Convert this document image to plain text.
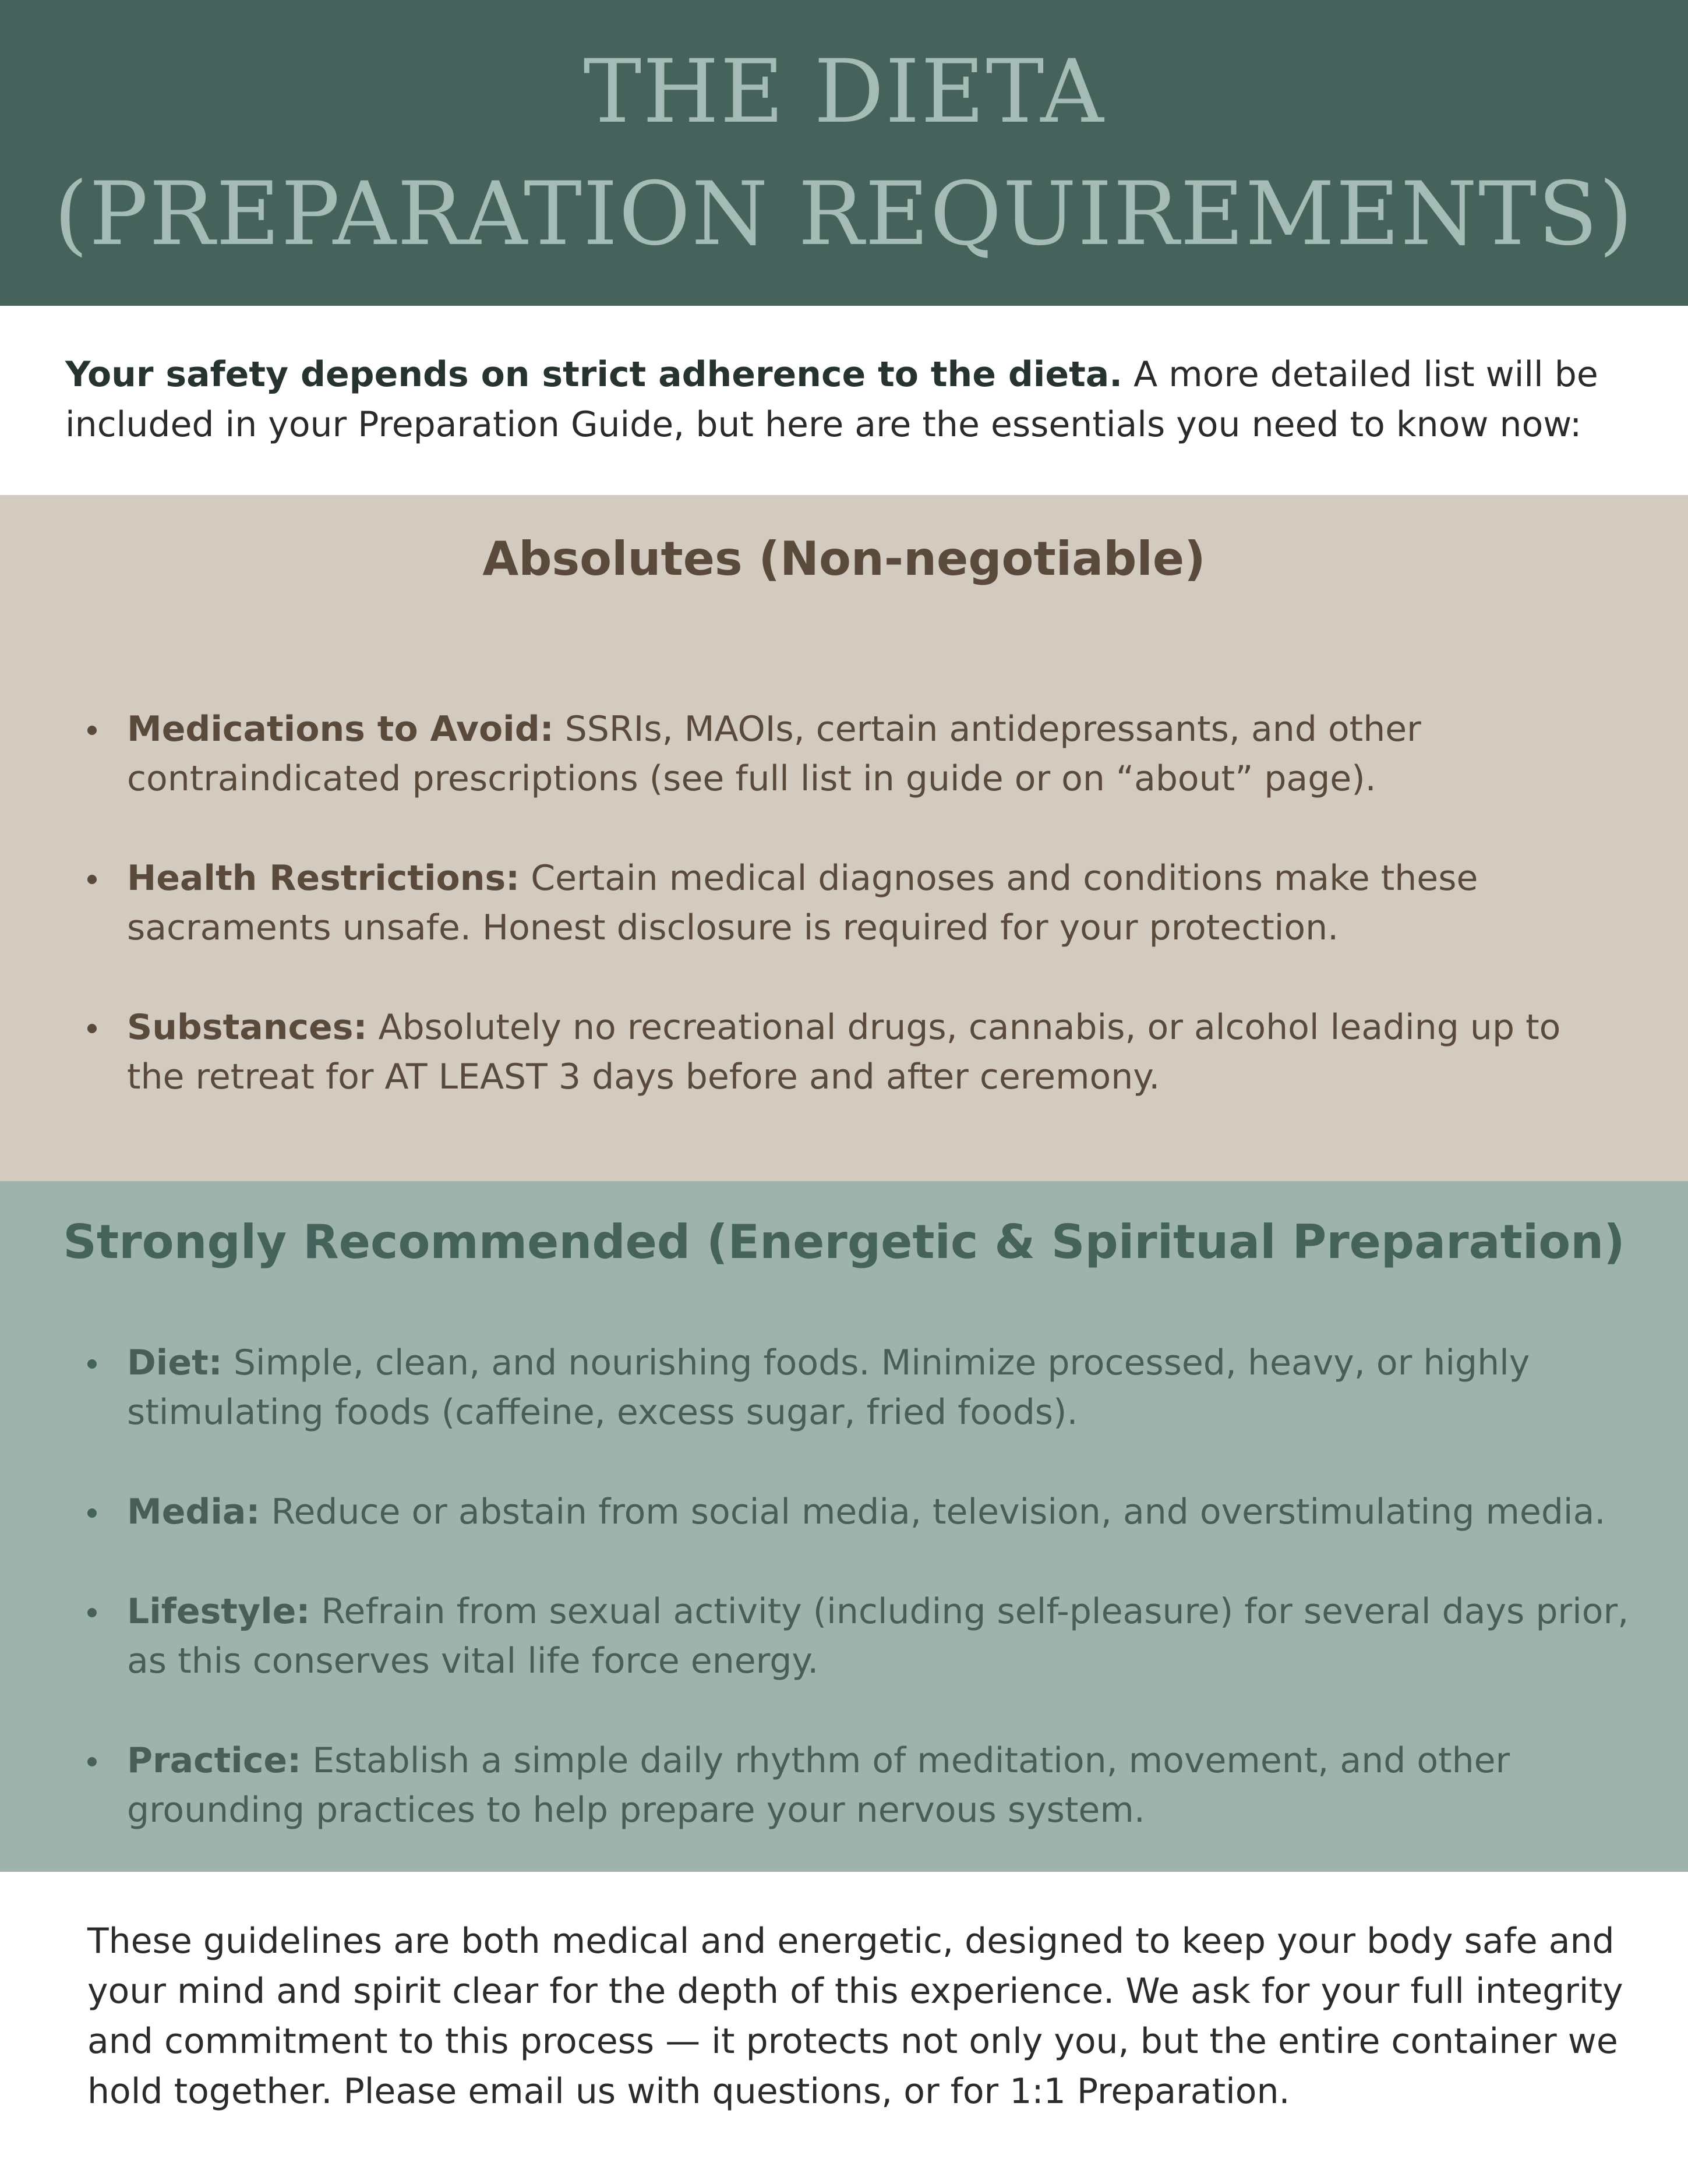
THE DIETA
(PREPARATION REQUIREMENTS)

Your safety depends on strict adherence to the dieta. A more detailed list will be included in your Preparation Guide, but here are the essentials you need to know now:

Absolutes (Non-negotiable)
Medications to Avoid: SSRIs, MAOIs, certain antidepressants, and other contraindicated prescriptions (see full list in guide or on “about” page).
Health Restrictions: Certain medical diagnoses and conditions make these sacraments unsafe. Honest disclosure is required for your protection.
Substances: Absolutely no recreational drugs, cannabis, or alcohol leading up to the retreat for AT LEAST 3 days before and after ceremony.
Strongly Recommended (Energetic & Spiritual Preparation)
Diet: Simple, clean, and nourishing foods. Minimize processed, heavy, or highly stimulating foods (caffeine, excess sugar, fried foods).
Media: Reduce or abstain from social media, television, and overstimulating media.
Lifestyle: Refrain from sexual activity (including self-pleasure) for several days prior, as this conserves vital life force energy.
Practice: Establish a simple daily rhythm of meditation, movement, and other grounding practices to help prepare your nervous system.

These guidelines are both medical and energetic, designed to keep your body safe and your mind and spirit clear for the depth of this experience. We ask for your full integrity and commitment to this process — it protects not only you, but the entire container we hold together. Please email us with questions, or for 1:1 Preparation.
